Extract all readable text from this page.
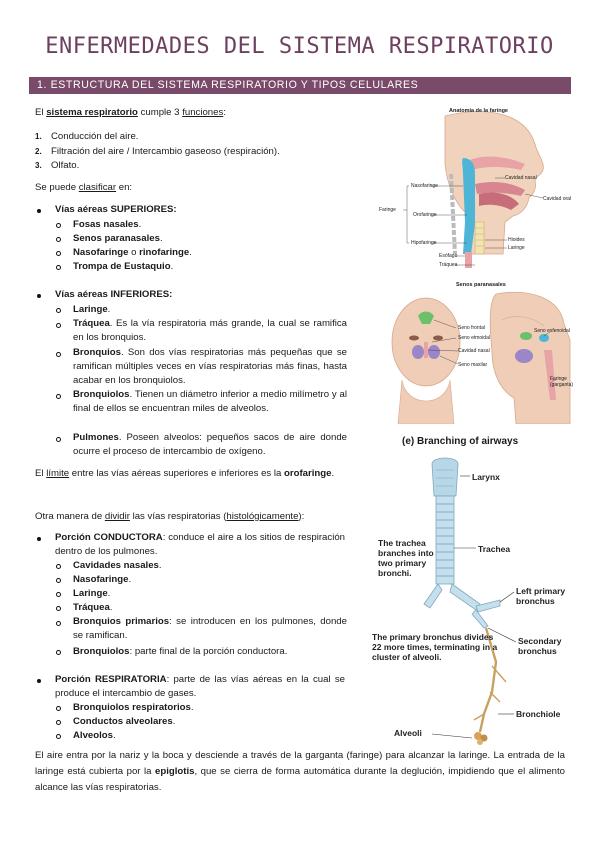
ENFERMEDADES DEL SISTEMA RESPIRATORIO
1. ESTRUCTURA DEL SISTEMA RESPIRATORIO Y TIPOS CELULARES
El sistema respiratorio cumple 3 funciones:
1. Conducción del aire.
2. Filtración del aire / Intercambio gaseoso (respiración).
3. Olfato.
Se puede clasificar en:
Vías aéreas SUPERIORES:
Fosas nasales.
Senos paranasales.
Nasofaringe o rinofaringe.
Trompa de Eustaquio.
Vías aéreas INFERIORES:
Laringe.
Tráquea. Es la vía respiratoria más grande, la cual se ramifica en los bronquios.
Bronquios. Son dos vías respiratorias más pequeñas que se ramifican múltiples veces en vías respiratorias más finas, hasta acabar en los bronquiolos.
Bronquiolos. Tienen un diámetro inferior a medio milímetro y al final de ellos se encuentran miles de alveolos.
Pulmones. Poseen alveolos: pequeños sacos de aire donde ocurre el proceso de intercambio de oxígeno.
El límite entre las vías aéreas superiores e inferiores es la orofaringe.
Otra manera de dividir las vías respiratorias (histológicamente):
Porción CONDUCTORA: conduce el aire a los sitios de respiración dentro de los pulmones.
Cavidades nasales.
Nasofaringe.
Laringe.
Tráquea.
Bronquios primarios: se introducen en los pulmones, donde se ramifican.
Bronquiolos: parte final de la porción conductora.
Porción RESPIRATORIA: parte de las vías aéreas en la cual se produce el intercambio de gases.
Bronquiolos respiratorios.
Conductos alveolares.
Alveolos.
El aire entra por la nariz y la boca y desciende a través de la garganta (faringe) para alcanzar la laringe. La entrada de la laringe está cubierta por la epiglotis, que se cierra de forma automática durante la deglución, impidiendo que el alimento alcance las vías respiratorias.
Anatomía de la faringe
Cavidad nasal
Cavidad oral
Nasofaringe
Faringe
Orofaringe
Hipofaringe	Hioides
Laringe
Esófago
Tráquea
Senos paranasales
Seno frontal
Seno etmoidal
Cavidad nasal
Seno maxilar
Seno esfenoidal
Faringe (garganta)
(e) Branching of airways
Larynx
The trachea branches into two primary bronchi.
Trachea
Left primary bronchus
The primary bronchus divides 22 more times, terminating in a cluster of alveoli.
Secondary bronchus
Bronchiole
Alveoli
